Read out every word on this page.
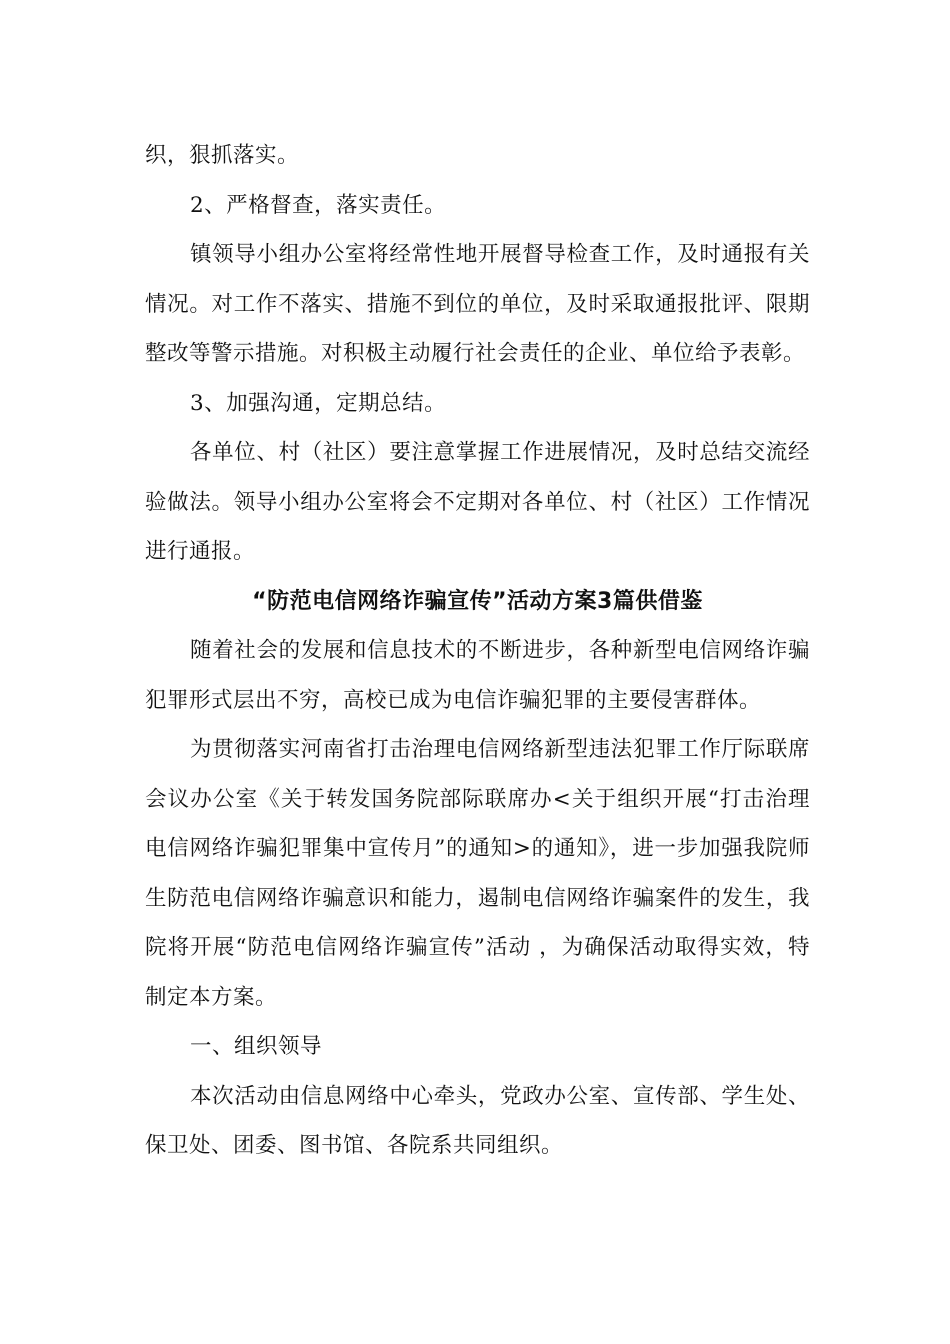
织，狠抓落实。

2、严格督查，落实责任。

镇领导小组办公室将经常性地开展督导检查工作，及时通报有关情况。对工作不落实、措施不到位的单位，及时采取通报批评、限期整改等警示措施。对积极主动履行社会责任的企业、单位给予表彰。

3、加强沟通，定期总结。

各单位、村（社区）要注意掌握工作进展情况，及时总结交流经验做法。领导小组办公室将会不定期对各单位、村（社区）工作情况进行通报。

“防范电信网络诈骗宣传”活动方案3篇供借鉴

随着社会的发展和信息技术的不断进步，各种新型电信网络诈骗犯罪形式层出不穷，高校已成为电信诈骗犯罪的主要侵害群体。

为贯彻落实河南省打击治理电信网络新型违法犯罪工作厅际联席会议办公室《关于转发国务院部际联席办<关于组织开展“打击治理电信网络诈骗犯罪集中宣传月”的通知>的通知》，进一步加强我院师生防范电信网络诈骗意识和能力，遏制电信网络诈骗案件的发生，我院将开展“防范电信网络诈骗宣传”活动 ，为确保活动取得实效，特制定本方案。

一、组织领导

本次活动由信息网络中心牵头，党政办公室、宣传部、学生处、保卫处、团委、图书馆、各院系共同组织。
